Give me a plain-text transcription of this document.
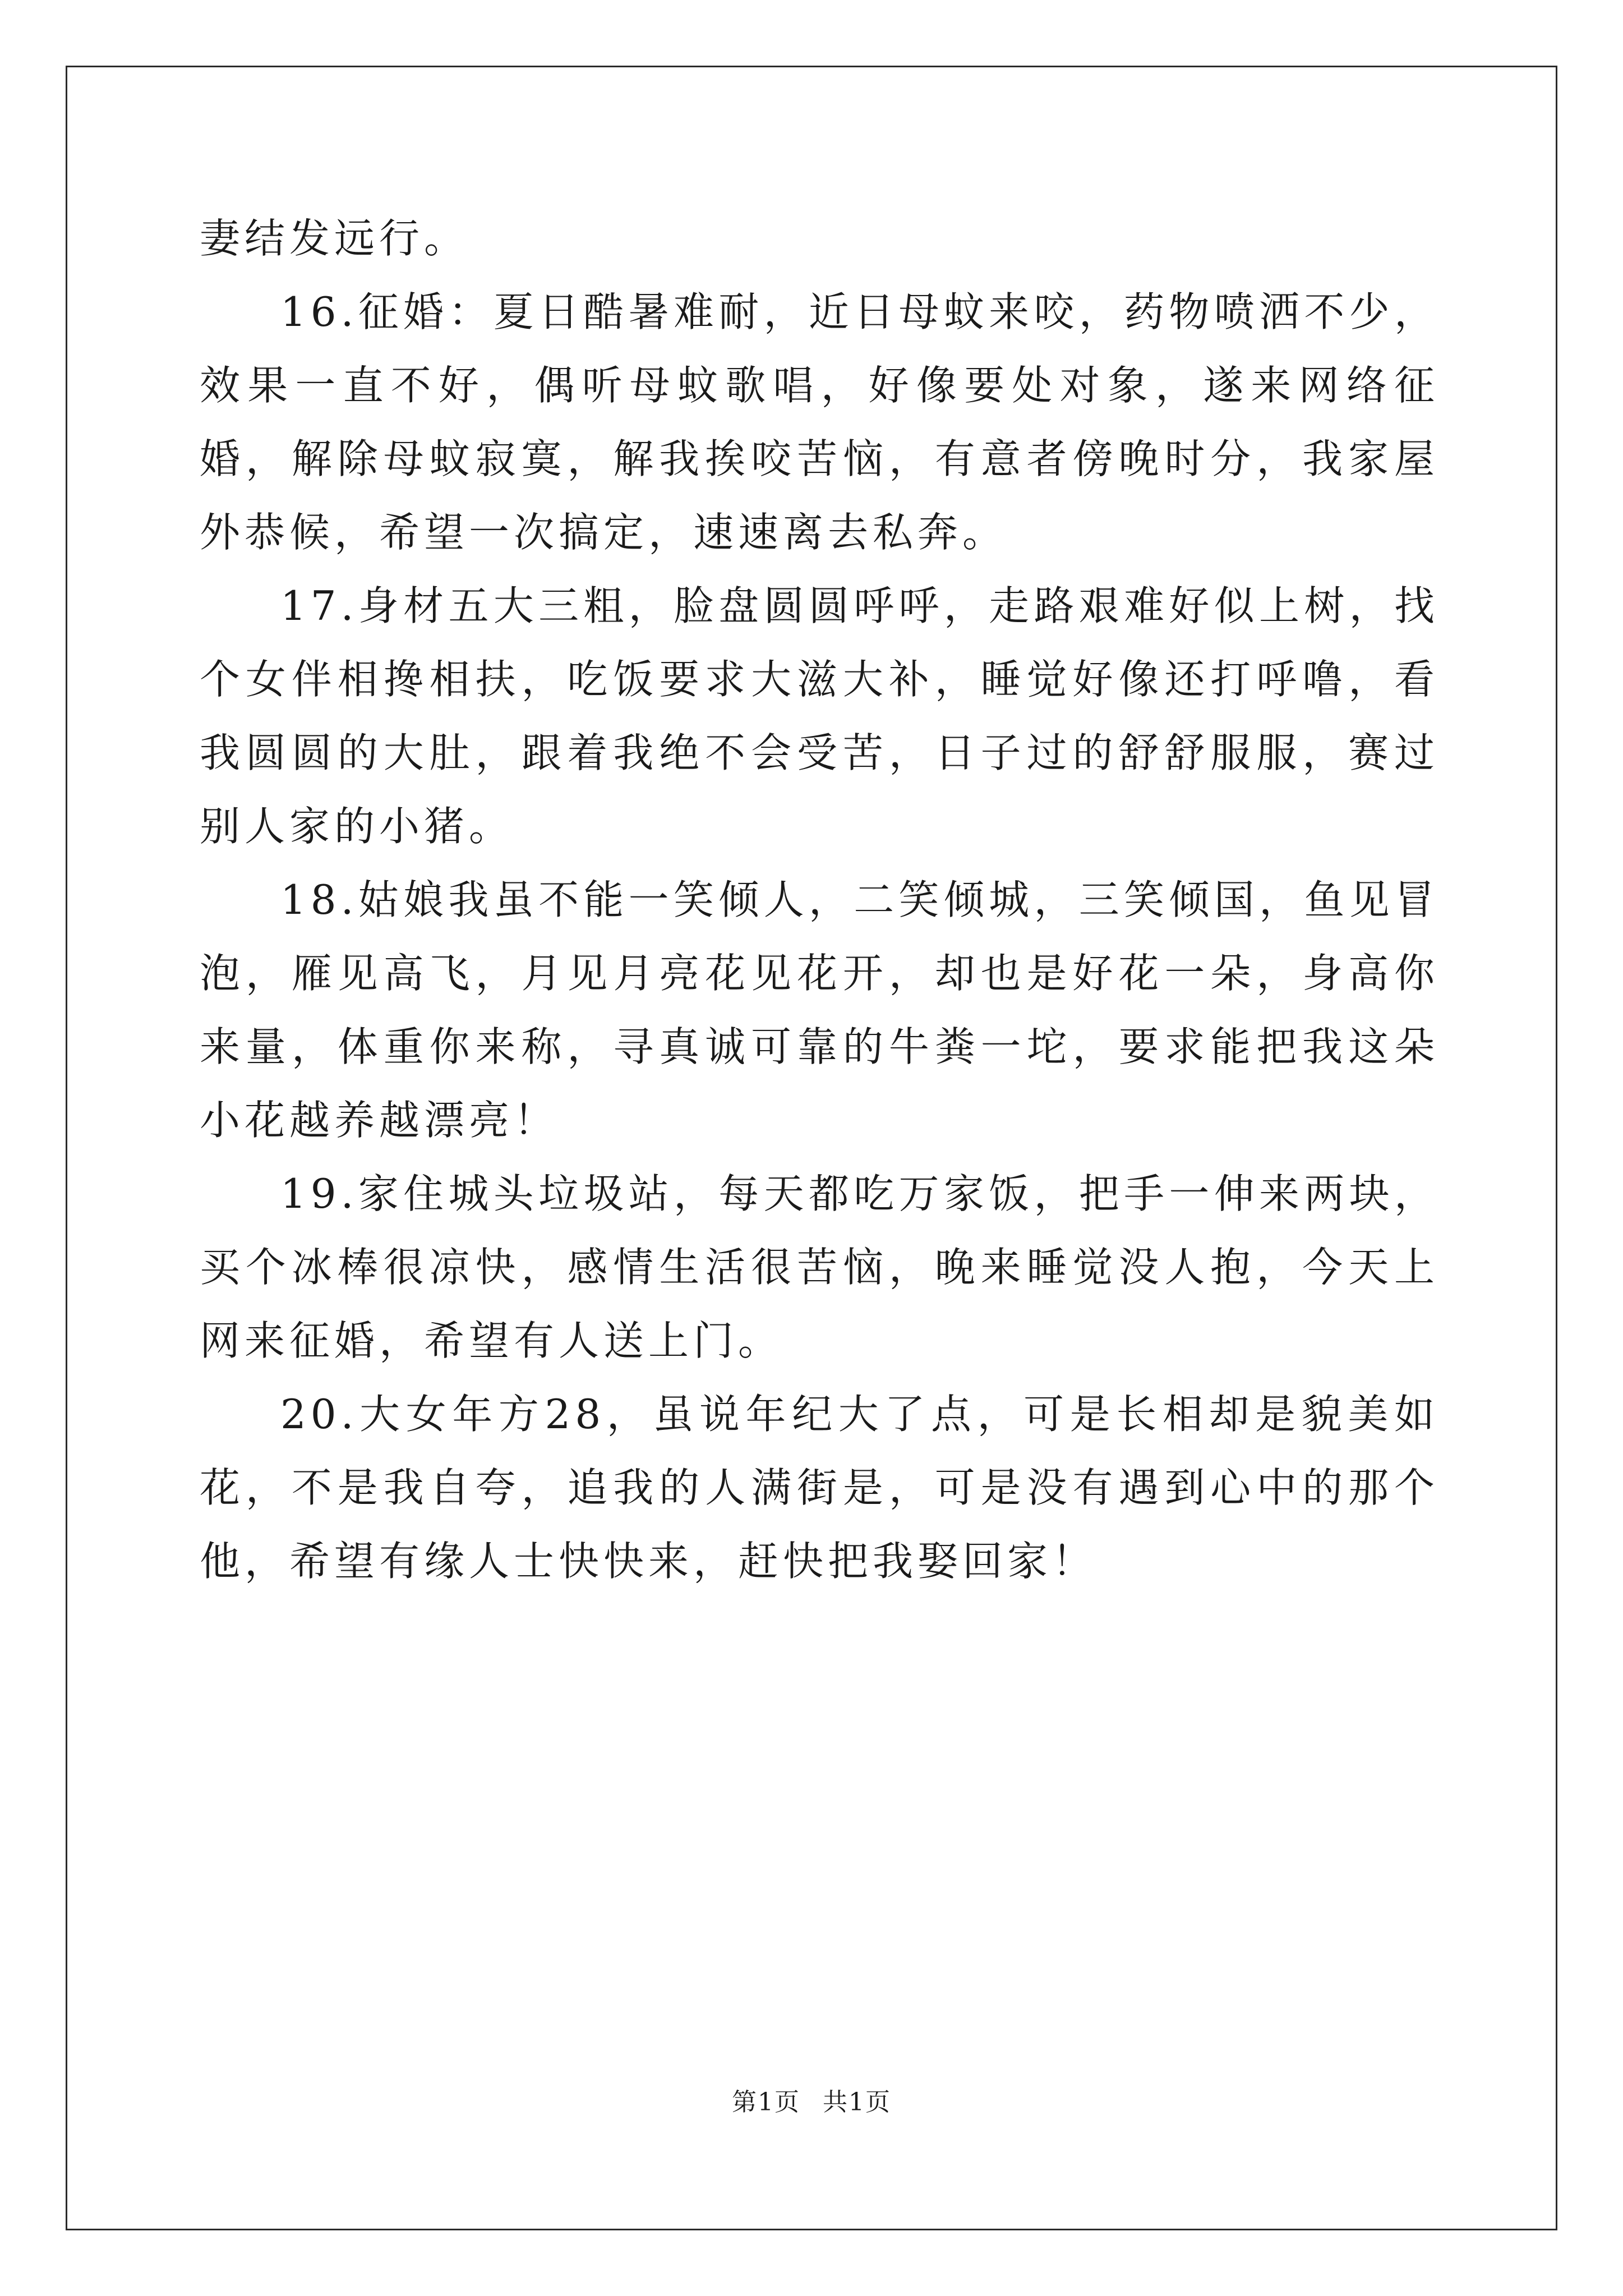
妻结发远行。

16.征婚：夏日酷暑难耐，近日母蚊来咬，药物喷洒不少，效果一直不好，偶听母蚊歌唱，好像要处对象，遂来网络征婚，解除母蚊寂寞，解我挨咬苦恼，有意者傍晚时分，我家屋外恭候，希望一次搞定，速速离去私奔。

17.身材五大三粗，脸盘圆圆呼呼，走路艰难好似上树，找个女伴相搀相扶，吃饭要求大滋大补，睡觉好像还打呼噜，看我圆圆的大肚，跟着我绝不会受苦，日子过的舒舒服服，赛过别人家的小猪。

18.姑娘我虽不能一笑倾人，二笑倾城，三笑倾国，鱼见冒泡，雁见高飞，月见月亮花见花开，却也是好花一朵，身高你来量，体重你来称，寻真诚可靠的牛粪一坨，要求能把我这朵小花越养越漂亮！

19.家住城头垃圾站，每天都吃万家饭，把手一伸来两块，买个冰棒很凉快，感情生活很苦恼，晚来睡觉没人抱，今天上网来征婚，希望有人送上门。

20.大女年方28，虽说年纪大了点，可是长相却是貌美如花，不是我自夸，追我的人满街是，可是没有遇到心中的那个他，希望有缘人士快快来，赶快把我娶回家！

第1页 共1页
